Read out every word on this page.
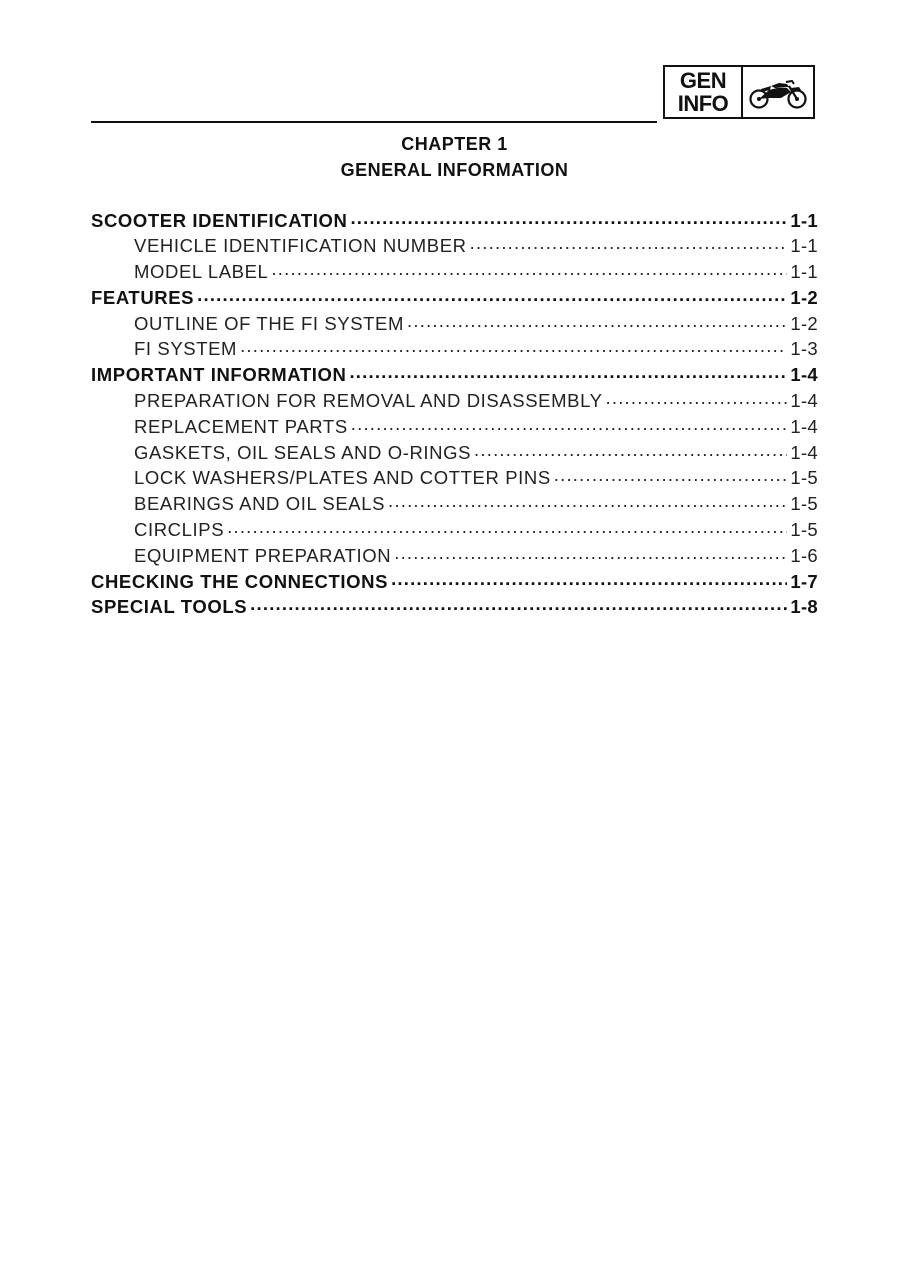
GEN
INFO
CHAPTER 1
GENERAL INFORMATION
SCOOTER IDENTIFICATION .....	1-1
VEHICLE IDENTIFICATION NUMBER .....	1-1
MODEL LABEL .....	1-1
FEATURES .....	1-2
OUTLINE OF THE FI SYSTEM .....	1-2
FI SYSTEM .....	1-3
IMPORTANT INFORMATION .....	1-4
PREPARATION FOR REMOVAL AND DISASSEMBLY .....	1-4
REPLACEMENT PARTS .....	1-4
GASKETS, OIL SEALS AND O-RINGS .....	1-4
LOCK WASHERS/PLATES AND COTTER PINS .....	1-5
BEARINGS AND OIL SEALS .....	1-5
CIRCLIPS .....	1-5
EQUIPMENT PREPARATION .....	1-6
CHECKING THE CONNECTIONS .....	1-7
SPECIAL TOOLS .....	1-8
